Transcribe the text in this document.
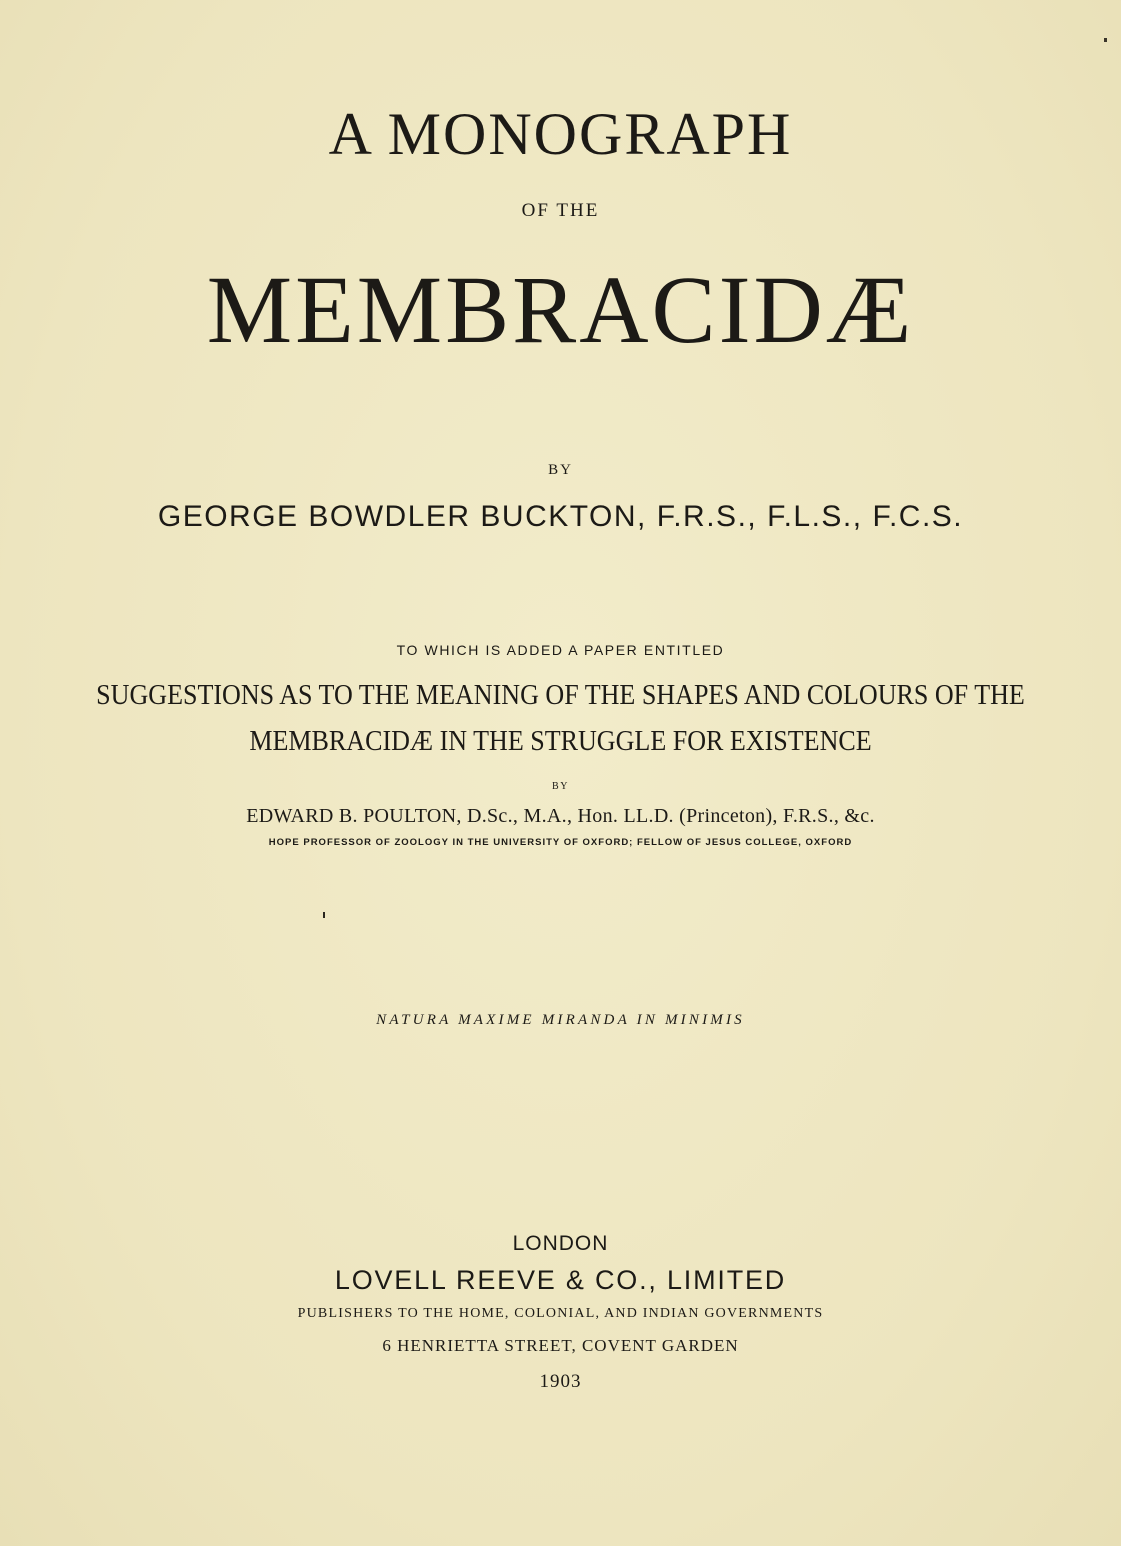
A MONOGRAPH
OF THE
MEMBRACIDÆ
BY
GEORGE BOWDLER BUCKTON, F.R.S., F.L.S., F.C.S.
TO WHICH IS ADDED A PAPER ENTITLED
SUGGESTIONS AS TO THE MEANING OF THE SHAPES AND COLOURS OF THE
MEMBRACIDÆ IN THE STRUGGLE FOR EXISTENCE
BY
EDWARD B. POULTON, D.Sc., M.A., Hon. LL.D. (Princeton), F.R.S., &c.
HOPE PROFESSOR OF ZOOLOGY IN THE UNIVERSITY OF OXFORD; FELLOW OF JESUS COLLEGE, OXFORD
NATURA MAXIME MIRANDA IN MINIMIS
LONDON
LOVELL REEVE & CO., LIMITED
PUBLISHERS TO THE HOME, COLONIAL, AND INDIAN GOVERNMENTS
6 HENRIETTA STREET, COVENT GARDEN
1903
